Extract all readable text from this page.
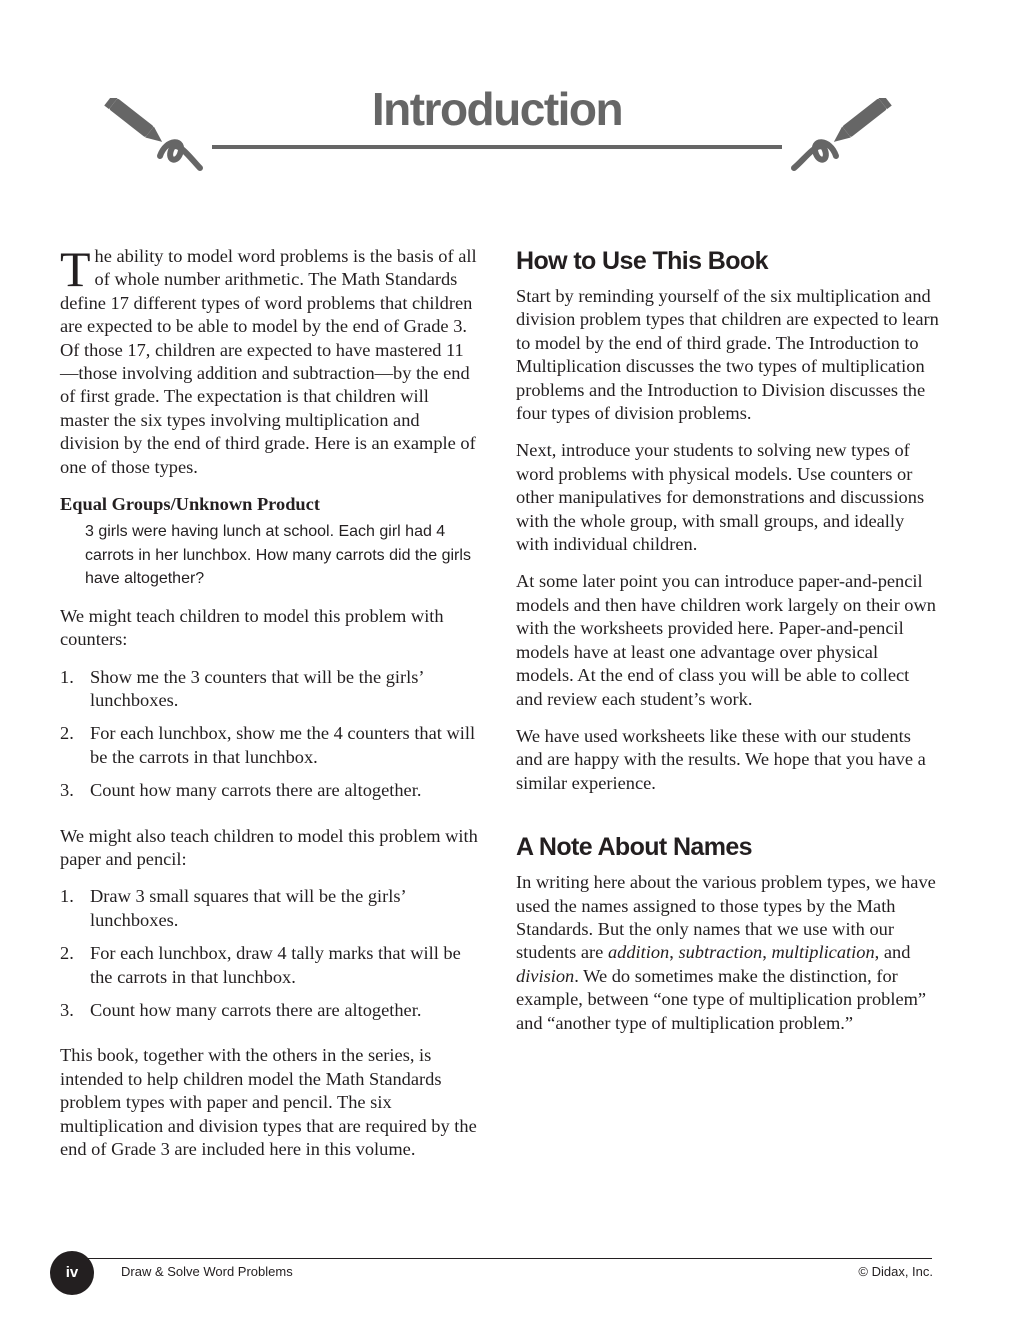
Introduction

The ability to model word problems is the basis of all of whole number arithmetic. The Math Standards define 17 different types of word problems that children are expected to be able to model by the end of Grade 3. Of those 17, children are expected to have mastered 11—those involving addition and subtraction—by the end of first grade. The expectation is that children will master the six types involving multiplication and division by the end of third grade. Here is an example of one of those types.

Equal Groups/Unknown Product

3 girls were having lunch at school. Each girl had 4 carrots in her lunchbox. How many carrots did the girls have altogether?

We might teach children to model this problem with counters:

1. Show me the 3 counters that will be the girls’ lunchboxes.
2. For each lunchbox, show me the 4 counters that will be the carrots in that lunchbox.
3. Count how many carrots there are altogether.

We might also teach children to model this problem with paper and pencil:

1. Draw 3 small squares that will be the girls’ lunchboxes.
2. For each lunchbox, draw 4 tally marks that will be the carrots in that lunchbox.
3. Count how many carrots there are altogether.

This book, together with the others in the series, is intended to help children model the Math Standards problem types with paper and pencil. The six multiplication and division types that are required by the end of Grade 3 are included here in this volume.

How to Use This Book

Start by reminding yourself of the six multiplication and division problem types that children are expected to learn to model by the end of third grade. The Introduction to Multiplication discusses the two types of multiplication problems and the Introduction to Division discusses the four types of division problems.

Next, introduce your students to solving new types of word problems with physical models. Use counters or other manipulatives for demonstrations and discussions with the whole group, with small groups, and ideally with individual children.

At some later point you can introduce paper-and-pencil models and then have children work largely on their own with the worksheets provided here. Paper-and-pencil models have at least one advantage over physical models. At the end of class you will be able to collect and review each student’s work.

We have used worksheets like these with our students and are happy with the results. We hope that you have a similar experience.

A Note About Names

In writing here about the various problem types, we have used the names assigned to those types by the Math Standards. But the only names that we use with our students are addition, subtraction, multiplication, and division. We do sometimes make the distinction, for example, between “one type of multiplication problem” and “another type of multiplication problem.”

iv	Draw & Solve Word Problems	© Didax, Inc.
